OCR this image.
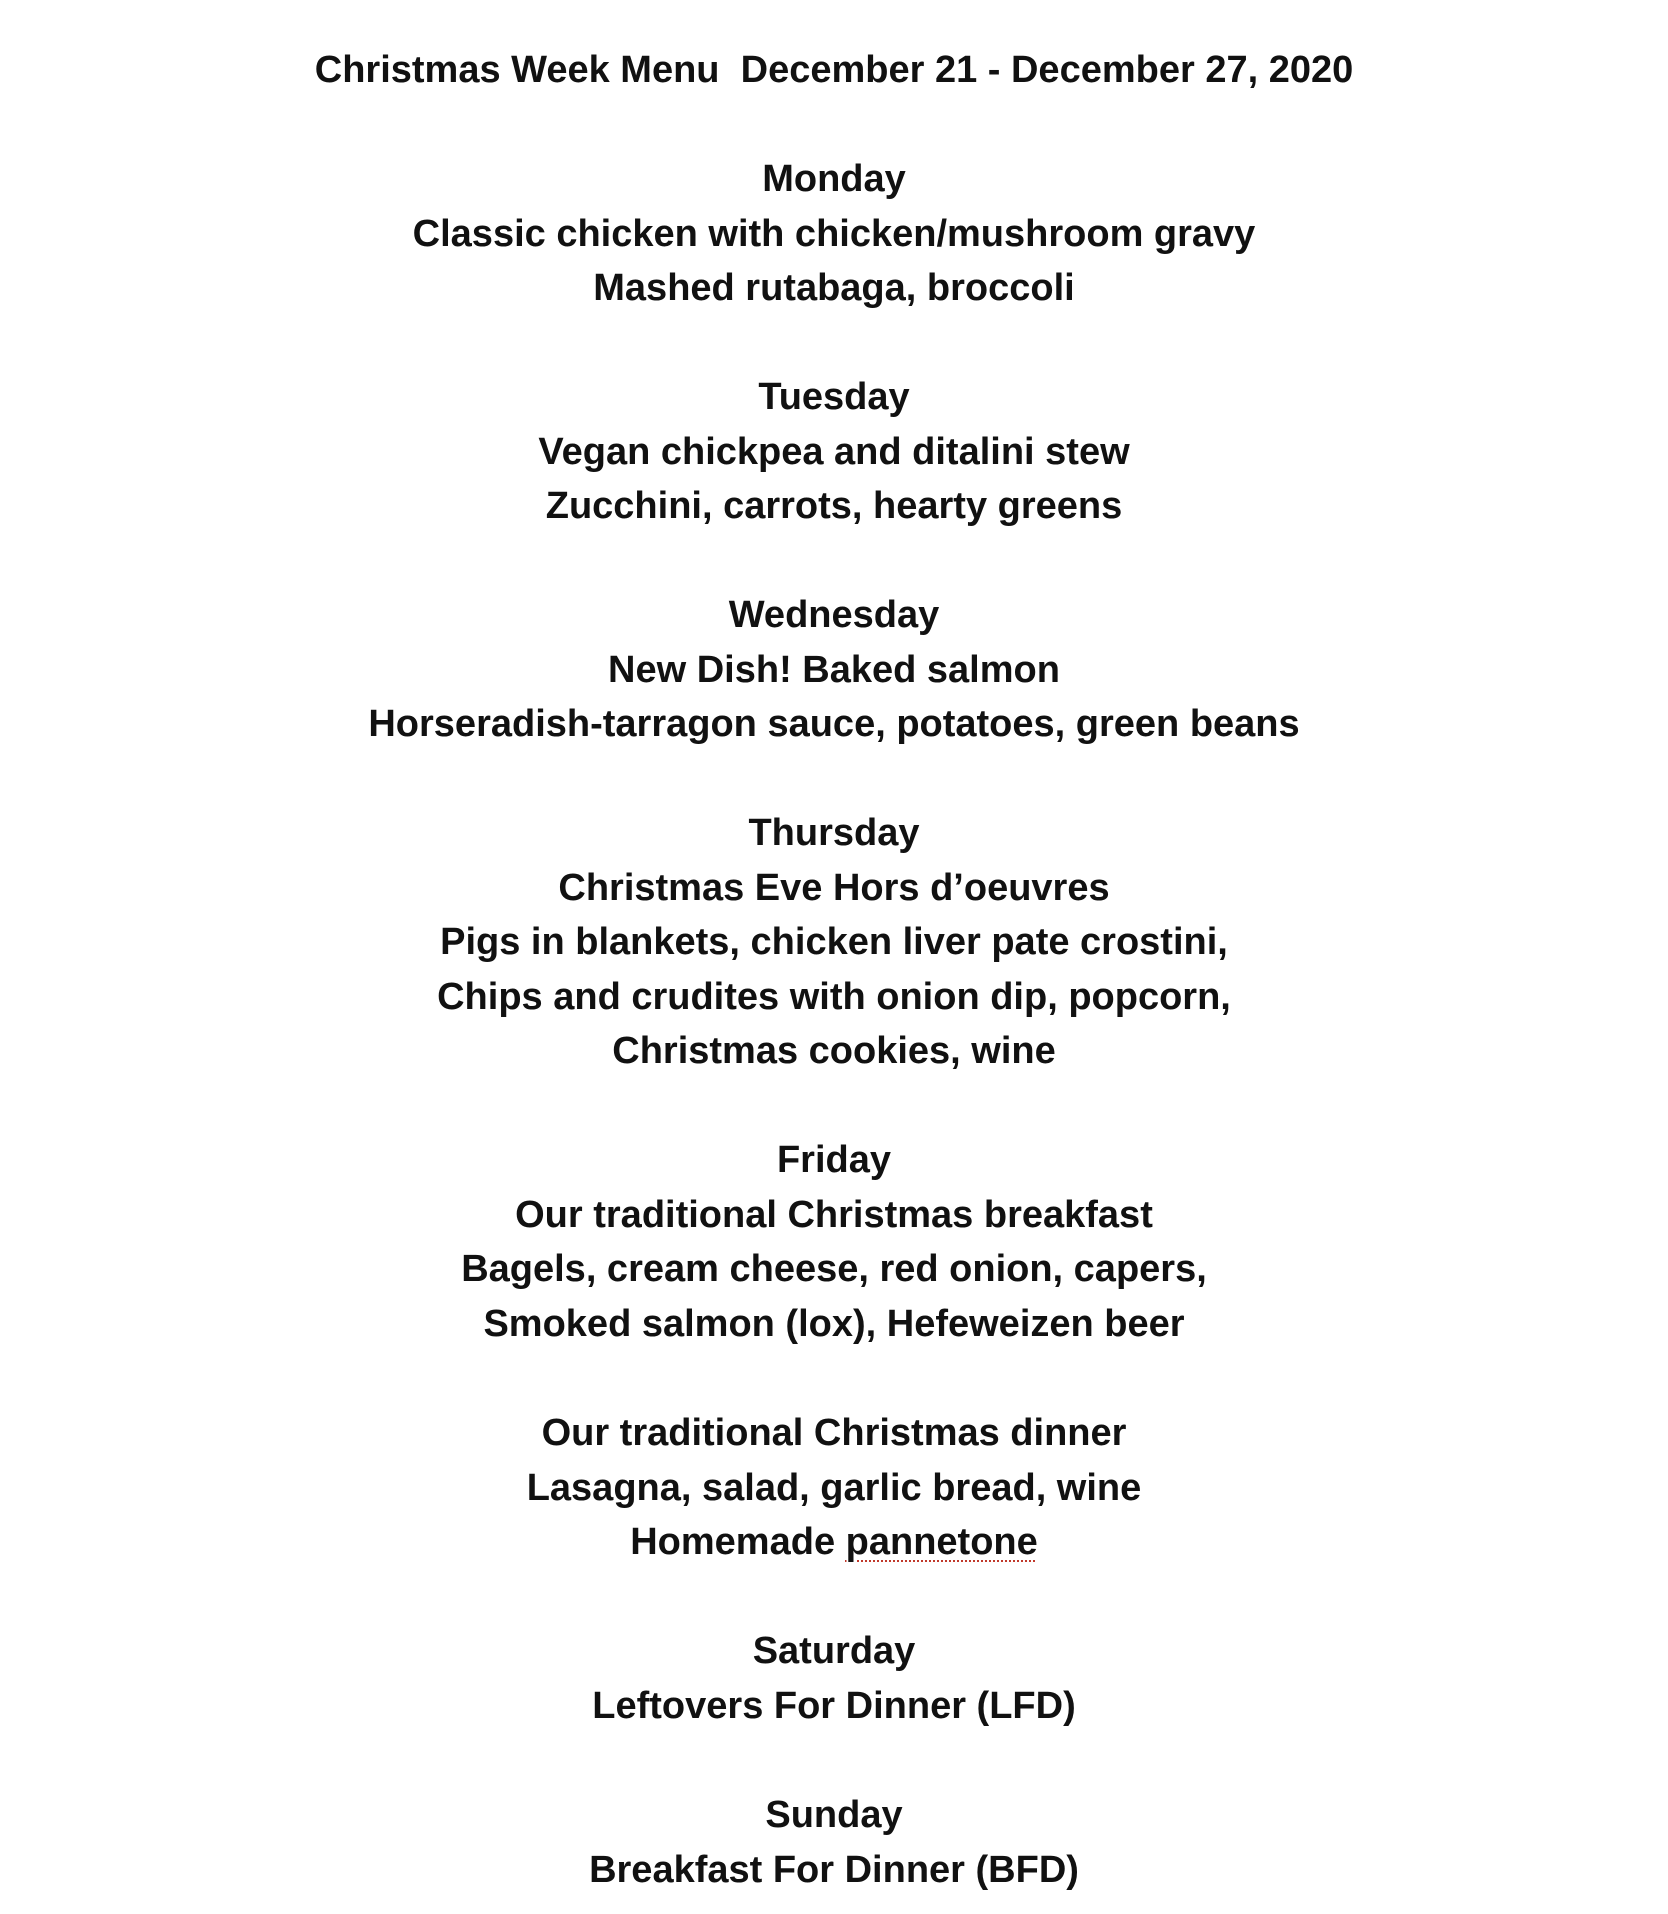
Christmas Week Menu  December 21 - December 27, 2020

Monday
Classic chicken with chicken/mushroom gravy
Mashed rutabaga, broccoli
Tuesday
Vegan chickpea and ditalini stew
Zucchini, carrots, hearty greens
Wednesday
New Dish! Baked salmon
Horseradish-tarragon sauce, potatoes, green beans
Thursday
Christmas Eve Hors d’oeuvres
Pigs in blankets, chicken liver pate crostini,
Chips and crudites with onion dip, popcorn,
Christmas cookies, wine
Friday
Our traditional Christmas breakfast
Bagels, cream cheese, red onion, capers,
Smoked salmon (lox), Hefeweizen beer
Our traditional Christmas dinner
Lasagna, salad, garlic bread, wine
Homemade pannetone
Saturday
Leftovers For Dinner (LFD)
Sunday
Breakfast For Dinner (BFD)
